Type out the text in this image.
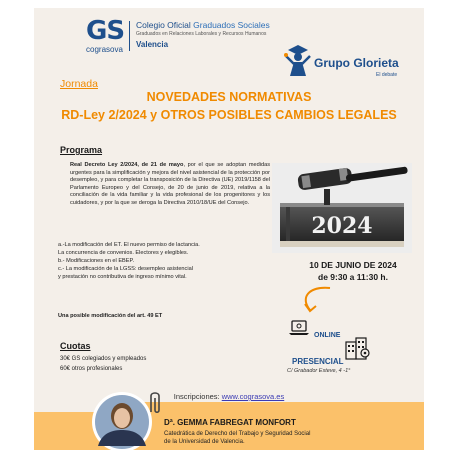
GS
cograsova
Colegio Oficial Graduados Sociales
Graduados en Relaciones Laborales y Recursos Humanos
Valencia
Grupo Glorieta
El debate
Jornada
NOVEDADES NORMATIVAS
RD-Ley 2/2024 y OTROS POSIBLES CAMBIOS LEGALES
Programa
Real Decreto Ley 2/2024, de 21 de mayo, por el que se adoptan medidas urgentes para la simplificación y mejora del nivel asistencial de la protección por desempleo, y para completar la transposición de la Directiva (UE) 2019/1158 del Parlamento Europeo y del Consejo, de 20 de junio de 2019, relativa a la conciliación de la vida familiar y la vida profesional de los progenitores y los cuidadores, y por la que se deroga la Directiva 2010/18/UE del Consejo.
a.-La modificación del ET. El nuevo permiso de lactancia.
La concurrencia de convenios. Electores y elegibles.
b.- Modificaciones en el EBEP.
c.- La modificación de la LGSS: desempleo asistencial
y prestación no contributiva de ingreso mínimo vital.
Una posible modificación del art. 49 ET
2024
10 DE JUNIO DE 2024
de 9:30 a 11:30 h.
ONLINE
PRESENCIAL
C/ Grabador Esteve, 4 -1°
Cuotas
30€ GS colegiados y empleados
60€ otros profesionales
Inscripciones: www.cograsova.es
Dª. GEMMA FABREGAT MONFORT
Catedrática de Derecho del Trabajo y Seguridad Social
de la Universidad de Valencia.
